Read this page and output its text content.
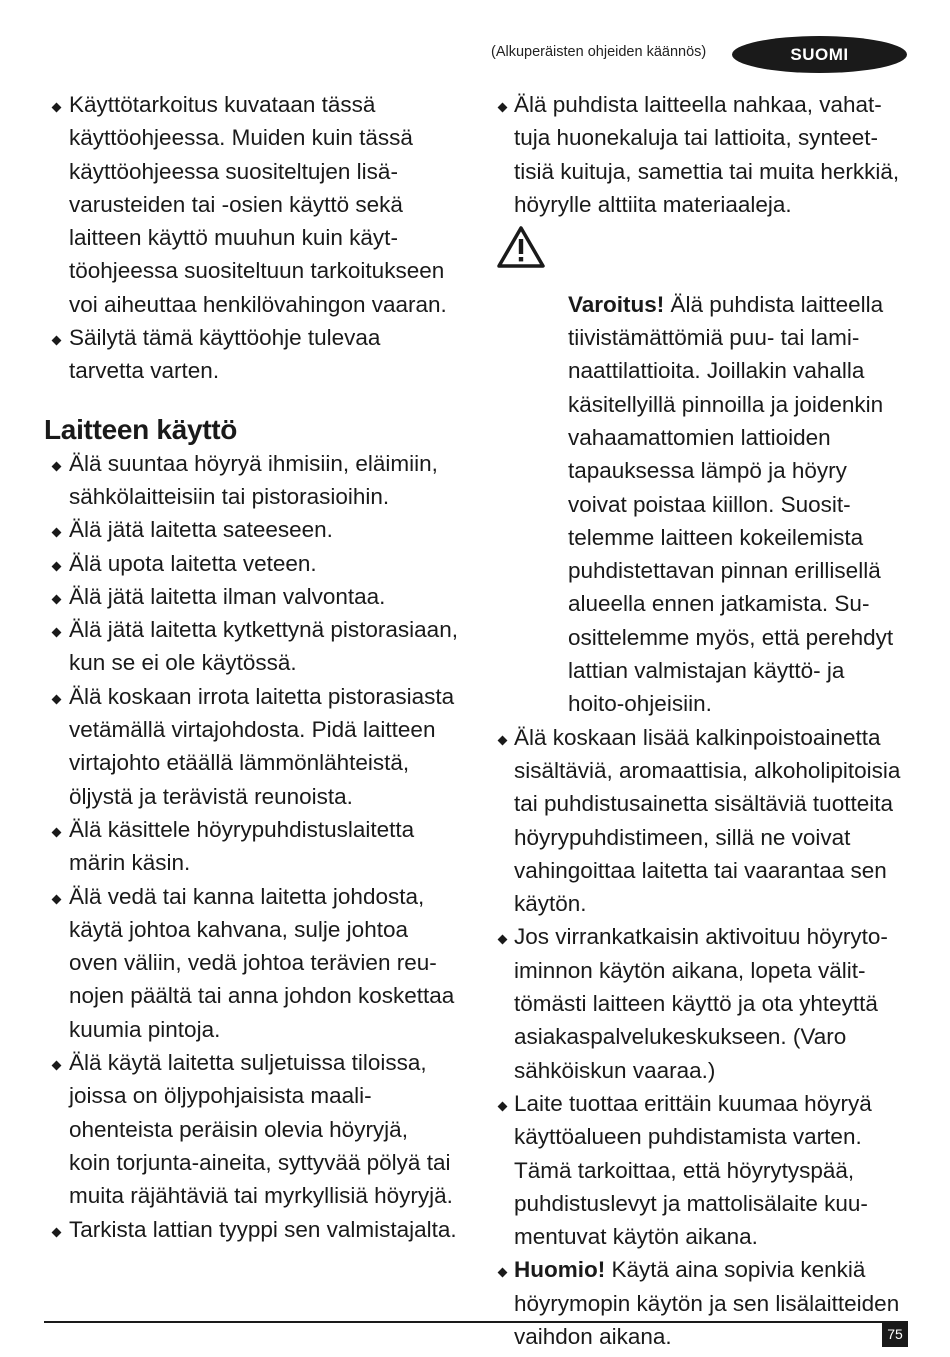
(Alkuperäisten ohjeiden käännös)	SUOMI
Käyttötarkoitus kuvataan tässä
käyttöohjeessa. Muiden kuin tässä
käyttöohjeessa suositeltujen lisä-
varusteiden tai -osien käyttö sekä
laitteen käyttö muuhun kuin käyt-
töohjeessa suositeltuun tarkoitukseen
voi aiheuttaa henkilövahingon vaaran.
Säilytä tämä käyttöohje tulevaa
tarvetta varten.
Laitteen käyttö
Älä suuntaa höyryä ihmisiin, eläimiin,
sähkölaitteisiin tai pistorasioihin.
Älä jätä laitetta sateeseen.
Älä upota laitetta veteen.
Älä jätä laitetta ilman valvontaa.
Älä jätä laitetta kytkettynä pistorasiaan,
kun se ei ole käytössä.
Älä koskaan irrota laitetta pistorasiasta
vetämällä virtajohdosta. Pidä laitteen
virtajohto etäällä lämmönlähteistä,
öljystä ja terävistä reunoista.
Älä käsittele höyrypuhdistuslaitetta
märin käsin.
Älä vedä tai kanna laitetta johdosta,
käytä johtoa kahvana, sulje johtoa
oven väliin, vedä johtoa terävien reu-
nojen päältä tai anna johdon koskettaa
kuumia pintoja.
Älä käytä laitetta suljetuissa tiloissa,
joissa on öljypohjaisista maali-
ohenteista peräisin olevia höyryjä,
koin torjunta-aineita, syttyvää pölyä tai
muita räjähtäviä tai myrkyllisiä höyryjä.
Tarkista lattian tyyppi sen valmistajalta.
Älä puhdista laitteella nahkaa, vahat-
tuja huonekaluja tai lattioita, synteet-
tisiä kuituja, samettia tai muita herkkiä,
höyrylle alttiita materiaaleja.

Varoitus! Älä puhdista laitteella
tiivistämättömiä puu- tai lami-
naattilattioita. Joillakin vahalla
käsitellyillä pinnoilla ja joidenkin
vahaamattomien lattioiden
tapauksessa lämpö ja höyry
voivat poistaa kiillon. Suosit-
telemme laitteen kokeilemista
puhdistettavan pinnan erillisellä
alueella ennen jatkamista. Su-
osittelemme myös, että perehdyt
lattian valmistajan käyttö- ja
hoito-ohjeisiin.

Älä koskaan lisää kalkinpoistoainetta
sisältäviä, aromaattisia, alkoholipitoisia
tai puhdistusainetta sisältäviä tuotteita
höyrypuhdistimeen, sillä ne voivat
vahingoittaa laitetta tai vaarantaa sen
käytön.
Jos virrankatkaisin aktivoituu höyryto-
iminnon käytön aikana, lopeta välit-
tömästi laitteen käyttö ja ota yhteyttä
asiakaspalvelukeskukseen. (Varo
sähköiskun vaaraa.)
Laite tuottaa erittäin kuumaa höyryä
käyttöalueen puhdistamista varten.
Tämä tarkoittaa, että höyrytyspää,
puhdistuslevyt ja mattolisälaite kuu-
mentuvat käytön aikana.
Huomio! Käytä aina sopivia kenkiä
höyrymopin käytön ja sen lisälaitteiden
vaihdon aikana.	75
